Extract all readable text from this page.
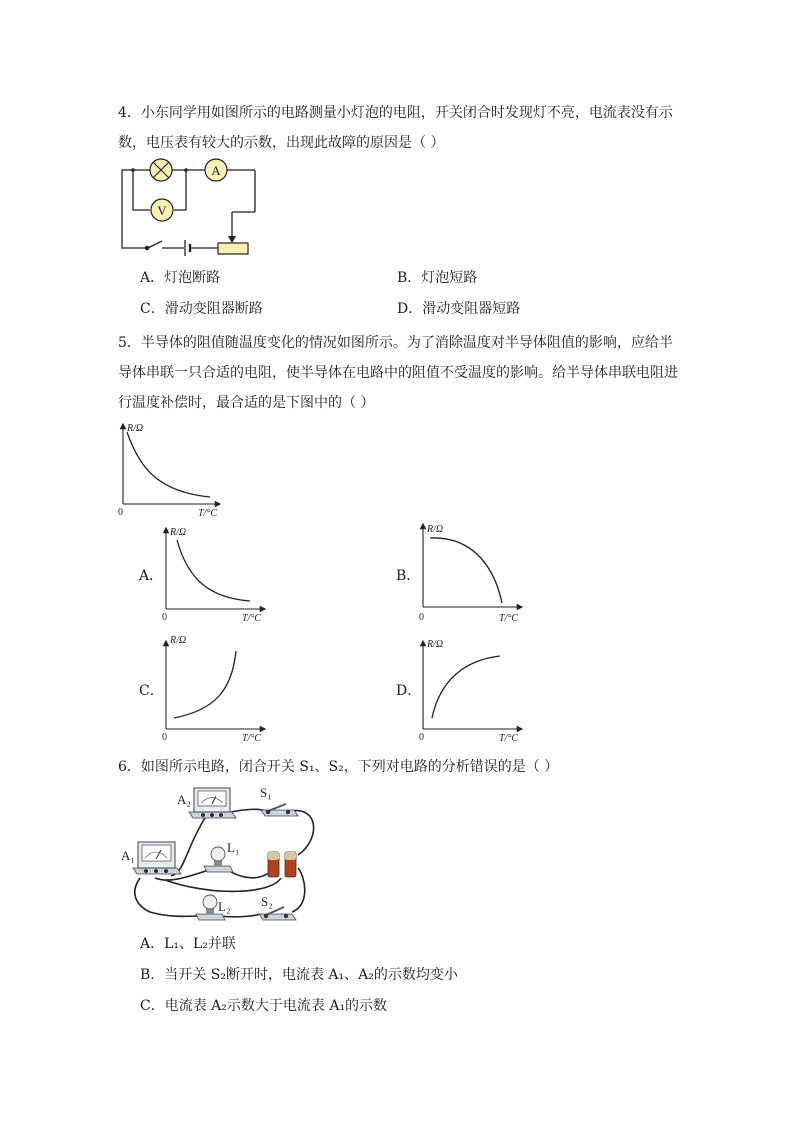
4．小东同学用如图所示的电路测量小灯泡的电阻，开关闭合时发现灯不亮，电流表没有示
数，电压表有较大的示数，出现此故障的原因是（ ）
A
V
A．灯泡断路	B．灯泡短路
C．滑动变阻器断路	D．滑动变阻器短路
5．半导体的阻值随温度变化的情况如图所示。为了消除温度对半导体阻值的影响，应给半
导体串联一只合适的电阻，使半导体在电路中的阻值不受温度的影响。给半导体串联电阻进
行温度补偿时，最合适的是下图中的（ ）
R/Ω
T/°C
0
R/Ω
T/°C
0
R/Ω
T/°C
0
R/Ω
T/°C
0
R/Ω
T/°C
0
A．	B．
C．	D．
6．如图所示电路，闭合开关 S₁、S₂，下列对电路的分析错误的是（ ）
A₂
A₁
S₁
S₂
L₁
L₂
A．L₁、L₂并联
B．当开关 S₂断开时，电流表 A₁、A₂的示数均变小
C．电流表 A₂示数大于电流表 A₁的示数
